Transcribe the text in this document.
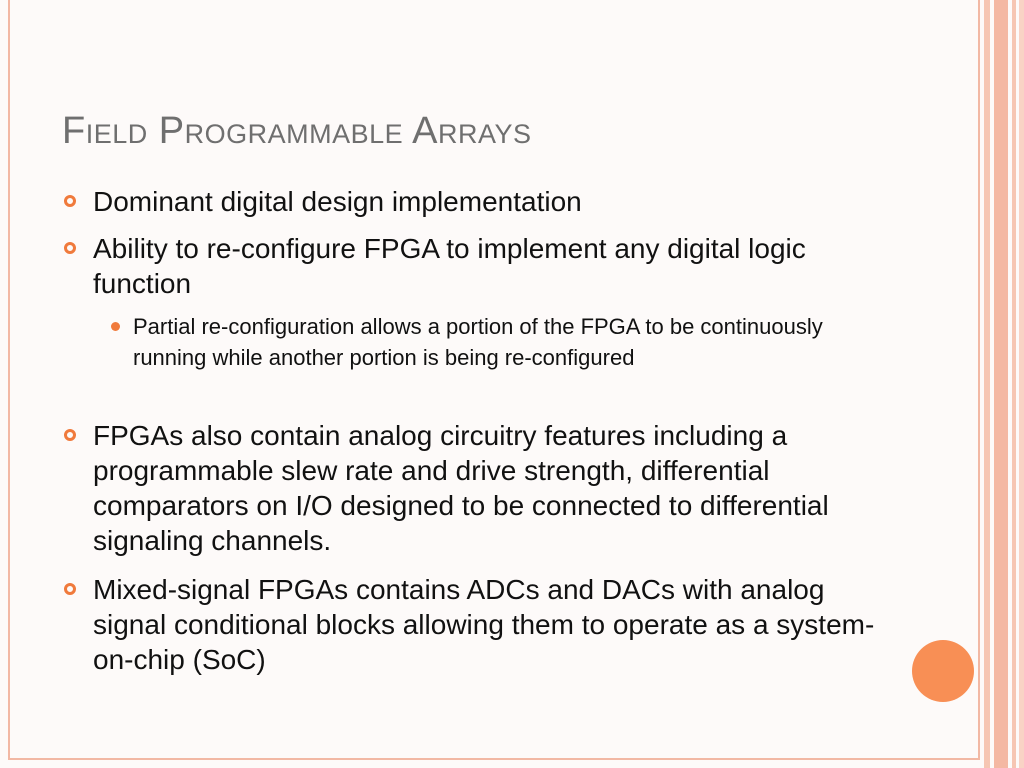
Field Programmable Arrays
Dominant digital design implementation
Ability to re-configure FPGA to implement any digital logic function
Partial re-configuration allows a portion of the FPGA to be continuously running while another portion is being re-configured
FPGAs also contain analog circuitry features including a programmable slew rate and drive strength, differential comparators on I/O designed to be connected to differential signaling channels.
Mixed-signal FPGAs contains ADCs and DACs with analog signal conditional blocks allowing them to operate as a system-on-chip (SoC)
